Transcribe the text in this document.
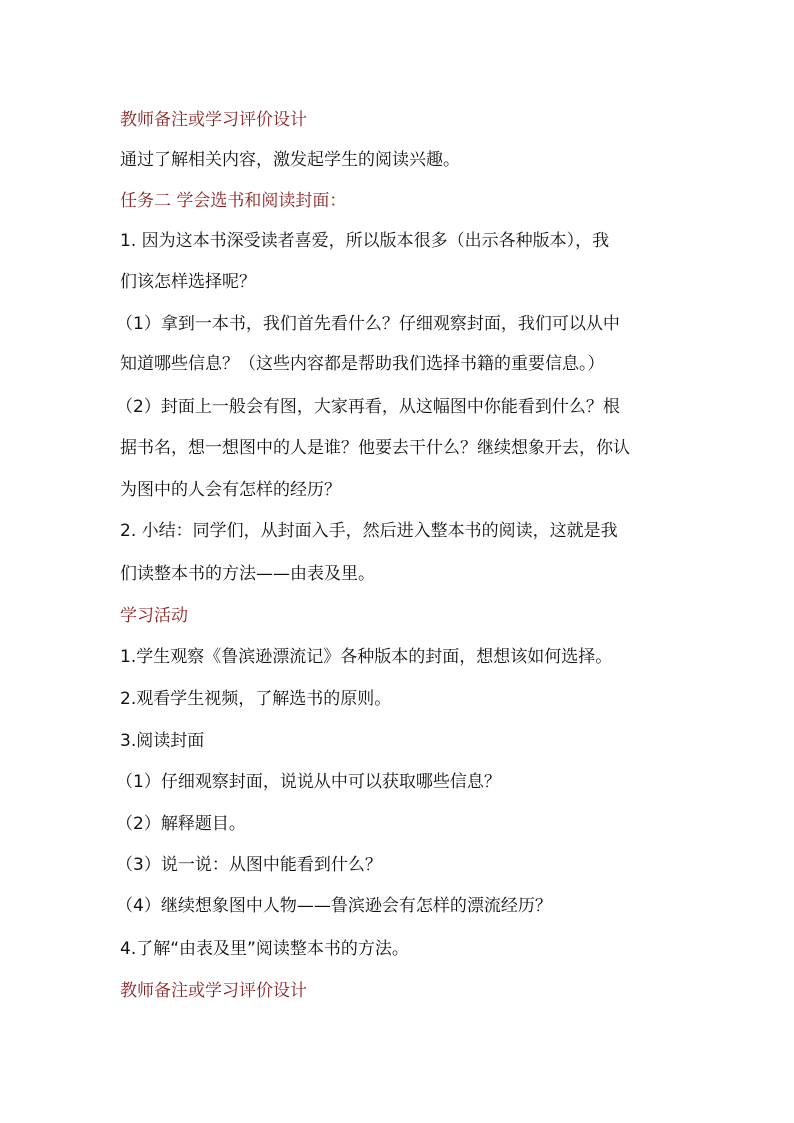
教师备注或学习评价设计
通过了解相关内容，激发起学生的阅读兴趣。
任务二 学会选书和阅读封面：
1. 因为这本书深受读者喜爱，所以版本很多（出示各种版本），我
们该怎样选择呢？
（1）拿到一本书，我们首先看什么？仔细观察封面，我们可以从中
知道哪些信息？（这些内容都是帮助我们选择书籍的重要信息。）
（2）封面上一般会有图，大家再看，从这幅图中你能看到什么？根
据书名，想一想图中的人是谁？他要去干什么？继续想象开去，你认
为图中的人会有怎样的经历？
2. 小结：同学们，从封面入手，然后进入整本书的阅读，这就是我
们读整本书的方法——由表及里。
学习活动
1.学生观察《鲁滨逊漂流记》各种版本的封面，想想该如何选择。
2.观看学生视频，了解选书的原则。
3.阅读封面
（1）仔细观察封面，说说从中可以获取哪些信息？
（2）解释题目。
（3）说一说：从图中能看到什么？
（4）继续想象图中人物——鲁滨逊会有怎样的漂流经历？
4.了解“由表及里”阅读整本书的方法。
教师备注或学习评价设计
